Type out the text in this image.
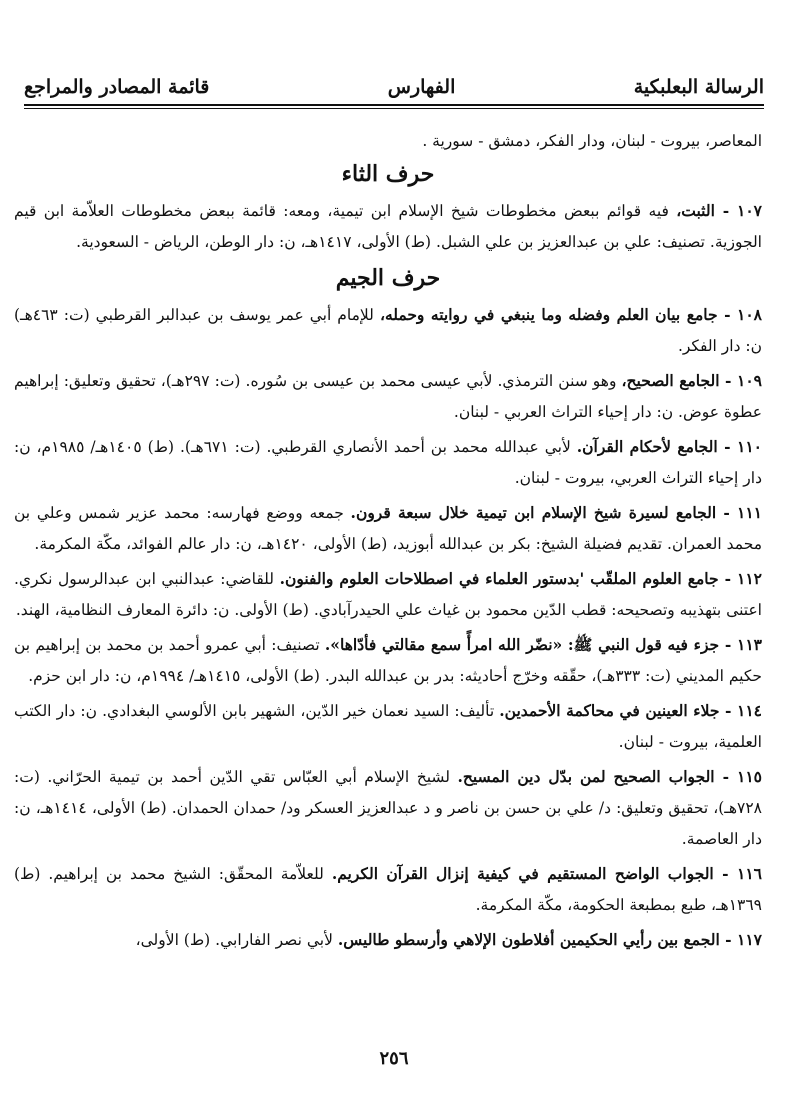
الرسالة البعلبكية
الفهارس
قائمة المصادر والمراجع

المعاصر، بيروت - لبنان، ودار الفكر، دمشق - سورية .

حرف الثاء

١٠٧ - الثبت، فيه قوائم ببعض مخطوطات شيخ الإسلام ابن تيمية، ومعه: قائمة ببعض مخطوطات العلاّمة ابن قيم الجوزية. تصنيف: علي بن عبدالعزيز بن علي الشبل. (ط) الأولى، ١٤١٧هـ، ن: دار الوطن، الرياض - السعودية.

حرف الجيم

١٠٨ - جامع بيان العلم وفضله وما ينبغي في روايته وحمله، للإمام أبي عمر يوسف بن عبدالبر القرطبي (ت: ٤٦٣هـ) ن: دار الفكر.

١٠٩ - الجامع الصحيح، وهو سنن الترمذي. لأبي عيسى محمد بن عيسى بن سُوره. (ت: ٢٩٧هـ)، تحقيق وتعليق: إبراهيم عطوة عوض. ن: دار إحياء التراث العربي - لبنان.

١١٠ - الجامع لأحكام القرآن. لأبي عبدالله محمد بن أحمد الأنصاري القرطبي. (ت: ٦٧١هـ). (ط) ١٤٠٥هـ/ ١٩٨٥م، ن: دار إحياء التراث العربي، بيروت - لبنان.

١١١ - الجامع لسيرة شيخ الإسلام ابن تيمية خلال سبعة قرون. جمعه ووضع فهارسه: محمد عزير شمس وعلي بن محمد العمران. تقديم فضيلة الشيخ: بكر بن عبدالله أبوزيد، (ط) الأولى، ١٤٢٠هـ، ن: دار عالم الفوائد، مكّة المكرمة.

١١٢ - جامع العلوم الملقّب 'بدستور العلماء في اصطلاحات العلوم والفنون. للقاضي: عبدالنبي ابن عبدالرسول نكري. اعتنى بتهذيبه وتصحيحه: قطب الدّين محمود بن غياث علي الحيدرآبادي. (ط) الأولى. ن: دائرة المعارف النظامية، الهند.

١١٣ - جزء فيه قول النبي ﷺ: «نضّر الله امرأً سمع مقالتي فأدّاها». تصنيف: أبي عمرو أحمد بن محمد بن إبراهيم بن حكيم المديني (ت: ٣٣٣هـ)، حقّقه وخرّج أحاديثه: بدر بن عبدالله البدر. (ط) الأولى، ١٤١٥هـ/ ١٩٩٤م، ن: دار ابن حزم.

١١٤ - جلاء العينين في محاكمة الأحمدين. تأليف: السيد نعمان خير الدّين، الشهير بابن الألوسي البغدادي. ن: دار الكتب العلمية، بيروت - لبنان.

١١٥ - الجواب الصحيح لمن بدّل دين المسيح. لشيخ الإسلام أبي العبّاس تقي الدّين أحمد بن تيمية الحرّاني. (ت: ٧٢٨هـ)، تحقيق وتعليق: د/ علي بن حسن بن ناصر و د عبدالعزيز العسكر ود/ حمدان الحمدان. (ط) الأولى، ١٤١٤هـ، ن: دار العاصمة.

١١٦ - الجواب الواضح المستقيم في كيفية إنزال القرآن الكريم. للعلاّمة المحقّق: الشيخ محمد بن إبراهيم. (ط) ١٣٦٩هـ، طبع بمطبعة الحكومة، مكّة المكرمة.

١١٧ - الجمع بين رأيي الحكيمين أفلاطون الإلاهي وأرسطو طاليس. لأبي نصر الفارابي. (ط) الأولى،

٢٥٦
